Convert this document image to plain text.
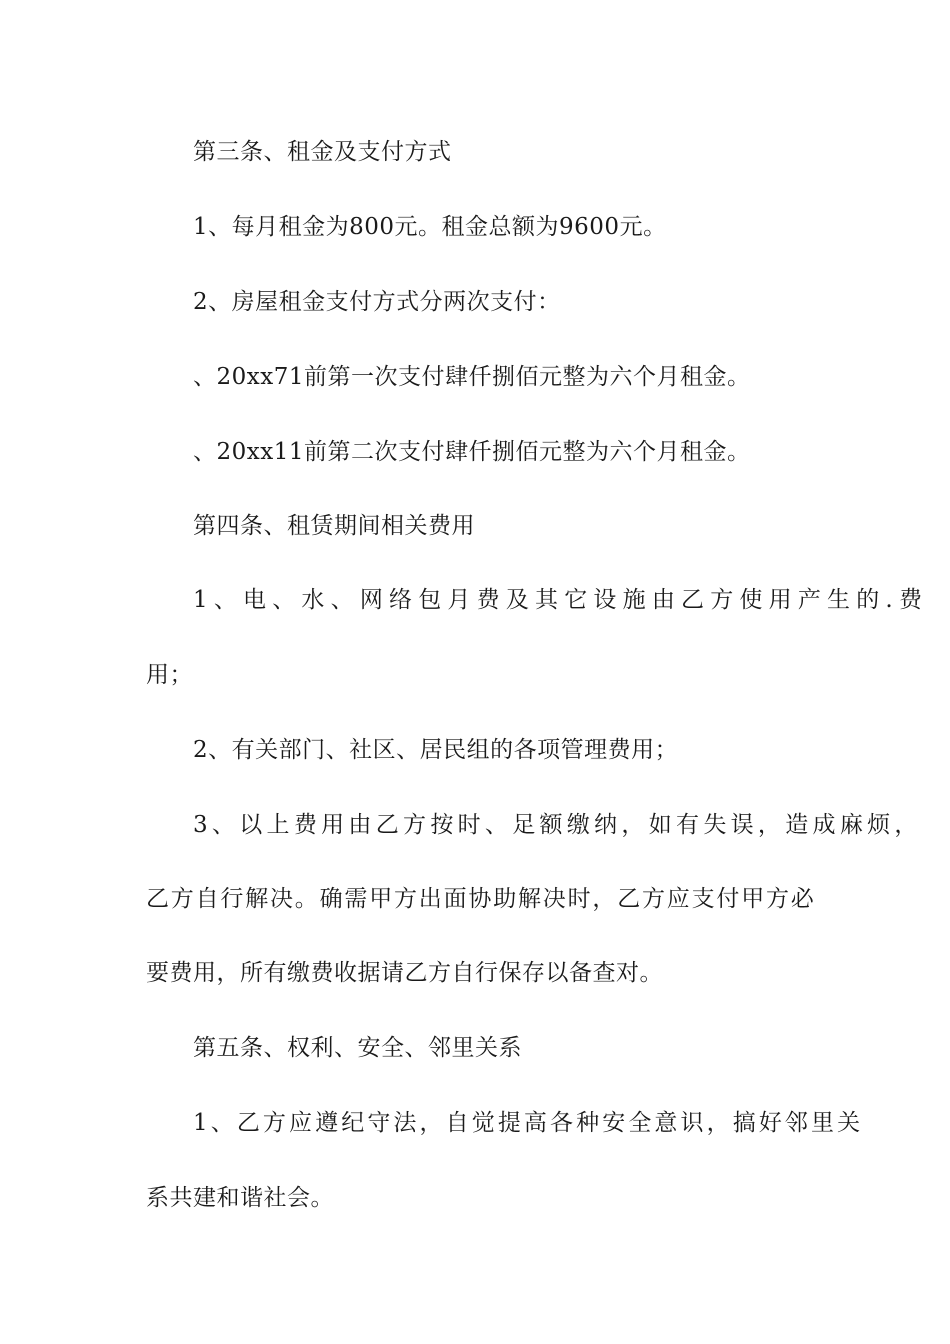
第三条、租金及支付方式
1、每月租金为800元。租金总额为9600元。
2、房屋租金支付方式分两次支付：
、20xx71前第一次支付肆仟捌佰元整为六个月租金。
、20xx11前第二次支付肆仟捌佰元整为六个月租金。
第四条、租赁期间相关费用
1、电、水、网络包月费及其它设施由乙方使用产生的.费
用；
2、有关部门、社区、居民组的各项管理费用；
3、以上费用由乙方按时、足额缴纳，如有失误，造成麻烦，
乙方自行解决。确需甲方出面协助解决时，乙方应支付甲方必
要费用，所有缴费收据请乙方自行保存以备查对。
第五条、权利、安全、邻里关系
1、乙方应遵纪守法，自觉提高各种安全意识，搞好邻里关
系共建和谐社会。
